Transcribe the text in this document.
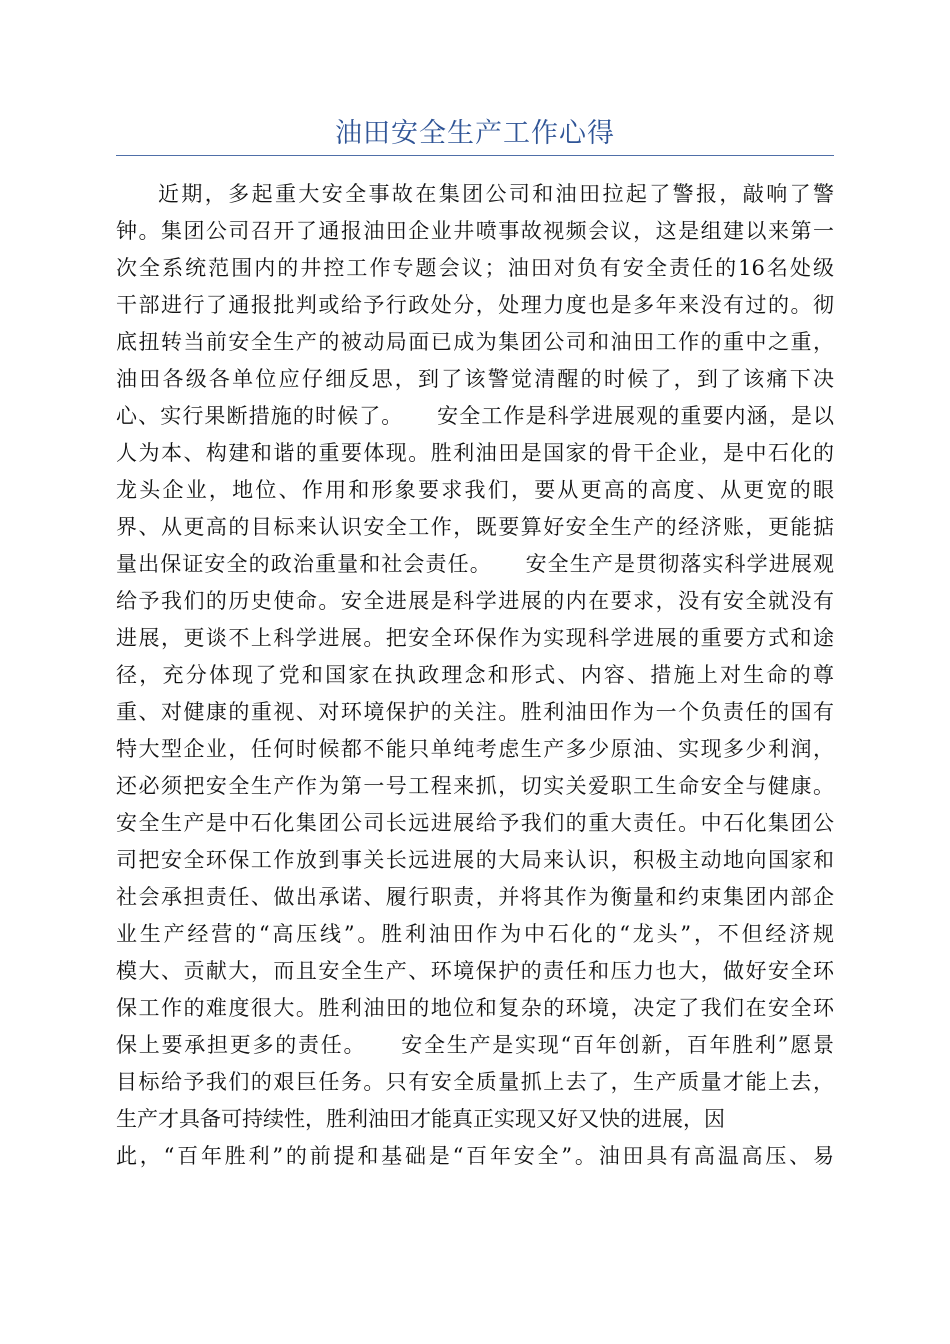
油田安全生产工作心得
近期，多起重大安全事故在集团公司和油田拉起了警报，敲响了警
钟。集团公司召开了通报油田企业井喷事故视频会议，这是组建以来第一
次全系统范围内的井控工作专题会议；油田对负有安全责任的16名处级
干部进行了通报批判或给予行政处分，处理力度也是多年来没有过的。彻
底扭转当前安全生产的被动局面已成为集团公司和油田工作的重中之重，
油田各级各单位应仔细反思，到了该警觉清醒的时候了，到了该痛下决
心、实行果断措施的时候了。　　安全工作是科学进展观的重要内涵，是以
人为本、构建和谐的重要体现。胜利油田是国家的骨干企业，是中石化的
龙头企业，地位、作用和形象要求我们，要从更高的高度、从更宽的眼
界、从更高的目标来认识安全工作，既要算好安全生产的经济账，更能掂
量出保证安全的政治重量和社会责任。　　安全生产是贯彻落实科学进展观
给予我们的历史使命。安全进展是科学进展的内在要求，没有安全就没有
进展，更谈不上科学进展。把安全环保作为实现科学进展的重要方式和途
径，充分体现了党和国家在执政理念和形式、内容、措施上对生命的尊
重、对健康的重视、对环境保护的关注。胜利油田作为一个负责任的国有
特大型企业，任何时候都不能只单纯考虑生产多少原油、实现多少利润，
还必须把安全生产作为第一号工程来抓，切实关爱职工生命安全与健康。
安全生产是中石化集团公司长远进展给予我们的重大责任。中石化集团公
司把安全环保工作放到事关长远进展的大局来认识，积极主动地向国家和
社会承担责任、做出承诺、履行职责，并将其作为衡量和约束集团内部企
业生产经营的“高压线”。胜利油田作为中石化的“龙头”，不但经济规
模大、贡献大，而且安全生产、环境保护的责任和压力也大，做好安全环
保工作的难度很大。胜利油田的地位和复杂的环境，决定了我们在安全环
保上要承担更多的责任。　　安全生产是实现“百年创新，百年胜利”愿景
目标给予我们的艰巨任务。只有安全质量抓上去了，生产质量才能上去，
生产才具备可持续性，胜利油田才能真正实现又好又快的进展，因
此，“百年胜利”的前提和基础是“百年安全”。油田具有高温高压、易
